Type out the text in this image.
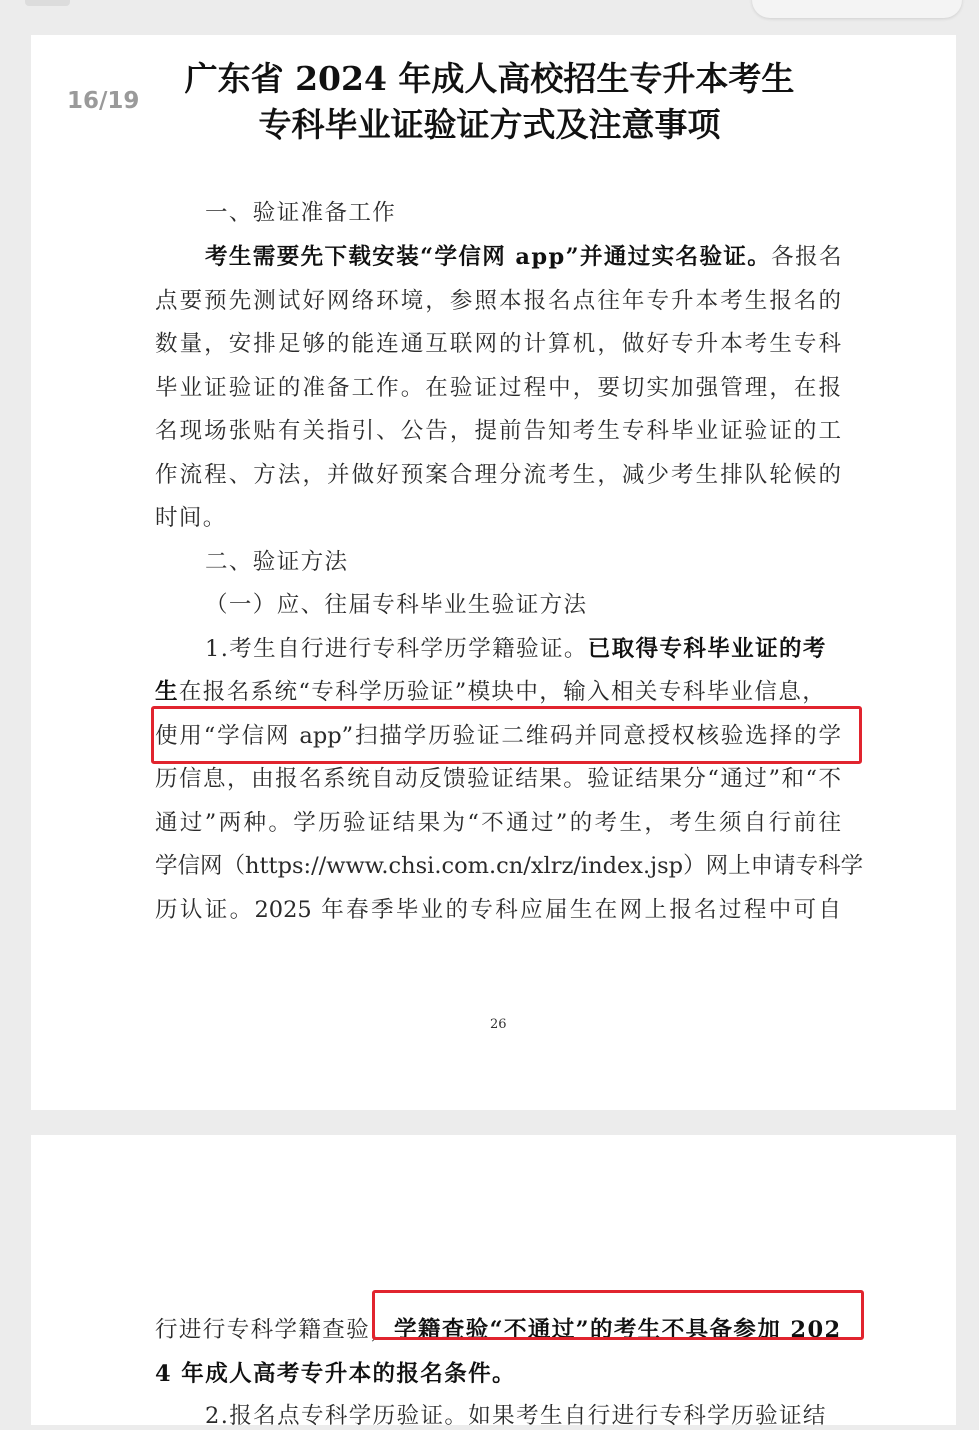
16/19
广东省 2024 年成人高校招生专升本考生
专科毕业证验证方式及注意事项
一、验证准备工作
考生需要先下载安装“学信网 app”并通过实名验证。各报名
点要预先测试好网络环境，参照本报名点往年专升本考生报名的
数量，安排足够的能连通互联网的计算机，做好专升本考生专科
毕业证验证的准备工作。在验证过程中，要切实加强管理，在报
名现场张贴有关指引、公告，提前告知考生专科毕业证验证的工
作流程、方法，并做好预案合理分流考生，减少考生排队轮候的
时间。
二、验证方法
（一）应、往届专科毕业生验证方法
1.考生自行进行专科学历学籍验证。已取得专科毕业证的考
生在报名系统“专科学历验证”模块中，输入相关专科毕业信息，
使用“学信网 app”扫描学历验证二维码并同意授权核验选择的学
历信息，由报名系统自动反馈验证结果。验证结果分“通过”和“不
通过”两种。学历验证结果为“不通过”的考生，考生须自行前往
学信网（https://www.chsi.com.cn/xlrz/index.jsp）网上申请专科学
历认证。2025 年春季毕业的专科应届生在网上报名过程中可自
26
行进行专科学籍查验，学籍查验“不通过”的考生不具备参加 202
4 年成人高考专升本的报名条件。
2.报名点专科学历验证。如果考生自行进行专科学历验证结
